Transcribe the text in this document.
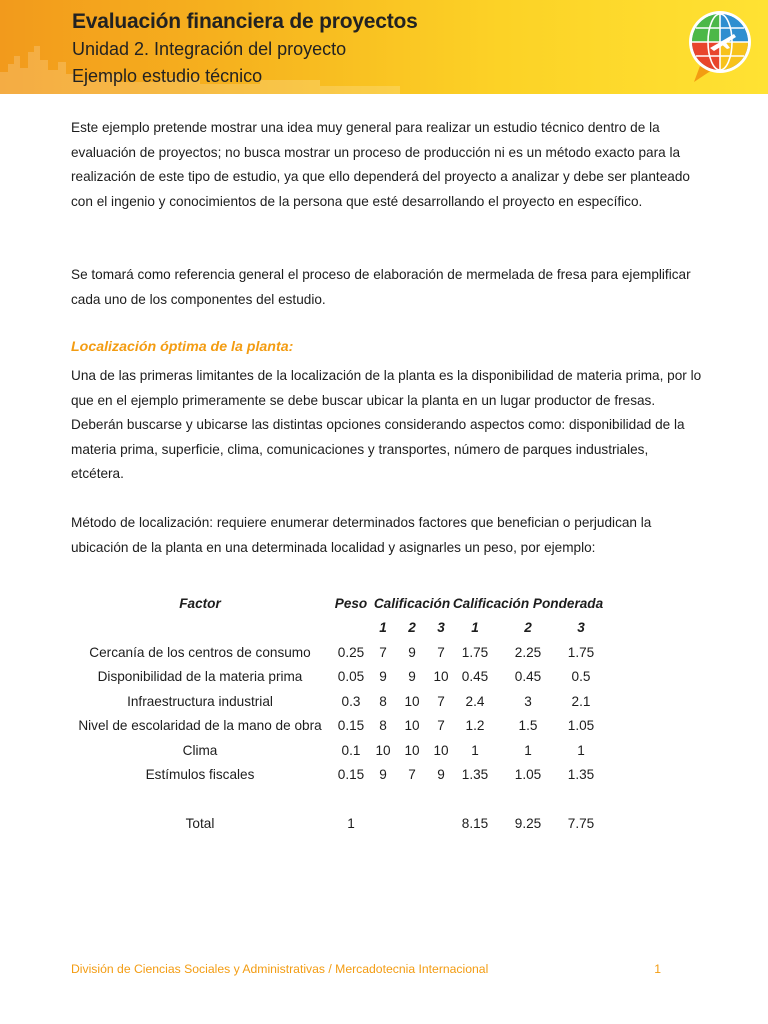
Evaluación financiera de proyectos
Unidad 2. Integración del proyecto
Ejemplo estudio técnico

Este ejemplo pretende mostrar una idea muy general para realizar un estudio técnico dentro de la evaluación de proyectos; no busca mostrar un proceso de producción ni es un método exacto para la realización de este tipo de estudio, ya que ello dependerá del proyecto a analizar y debe ser planteado con el ingenio y conocimientos de la persona que esté desarrollando el proyecto en específico.

Se tomará como referencia general el proceso de elaboración de mermelada de fresa para ejemplificar cada uno de los componentes del estudio.

Localización óptima de la planta:

Una de las primeras limitantes de la localización de la planta es la disponibilidad de materia prima, por lo que en el ejemplo primeramente se debe buscar ubicar la planta en un lugar productor de fresas. Deberán buscarse y ubicarse las distintas opciones considerando aspectos como: disponibilidad de la materia prima, superficie, clima, comunicaciones y transportes, número de parques industriales, etcétera.

Método de localización: requiere enumerar determinados factores que benefician o perjudican la ubicación de la planta en una determinada localidad y asignarles un peso, por ejemplo:

Factor	Peso	Calificación			Calificación Ponderada		
		1	2	3	1	2	3
Cercanía de los centros de consumo	0.25	7	9	7	1.75	2.25	1.75
Disponibilidad de la materia prima	0.05	9	9	10	0.45	0.45	0.5
Infraestructura industrial	0.3	8	10	7	2.4	3	2.1
Nivel de escolaridad de la mano de obra	0.15	8	10	7	1.2	1.5	1.05
Clima	0.1	10	10	10	1	1	1
Estímulos fiscales	0.15	9	7	9	1.35	1.05	1.35

Total	1				8.15	9.25	7.75
División de Ciencias Sociales y Administrativas / Mercadotecnia Internacional	1
